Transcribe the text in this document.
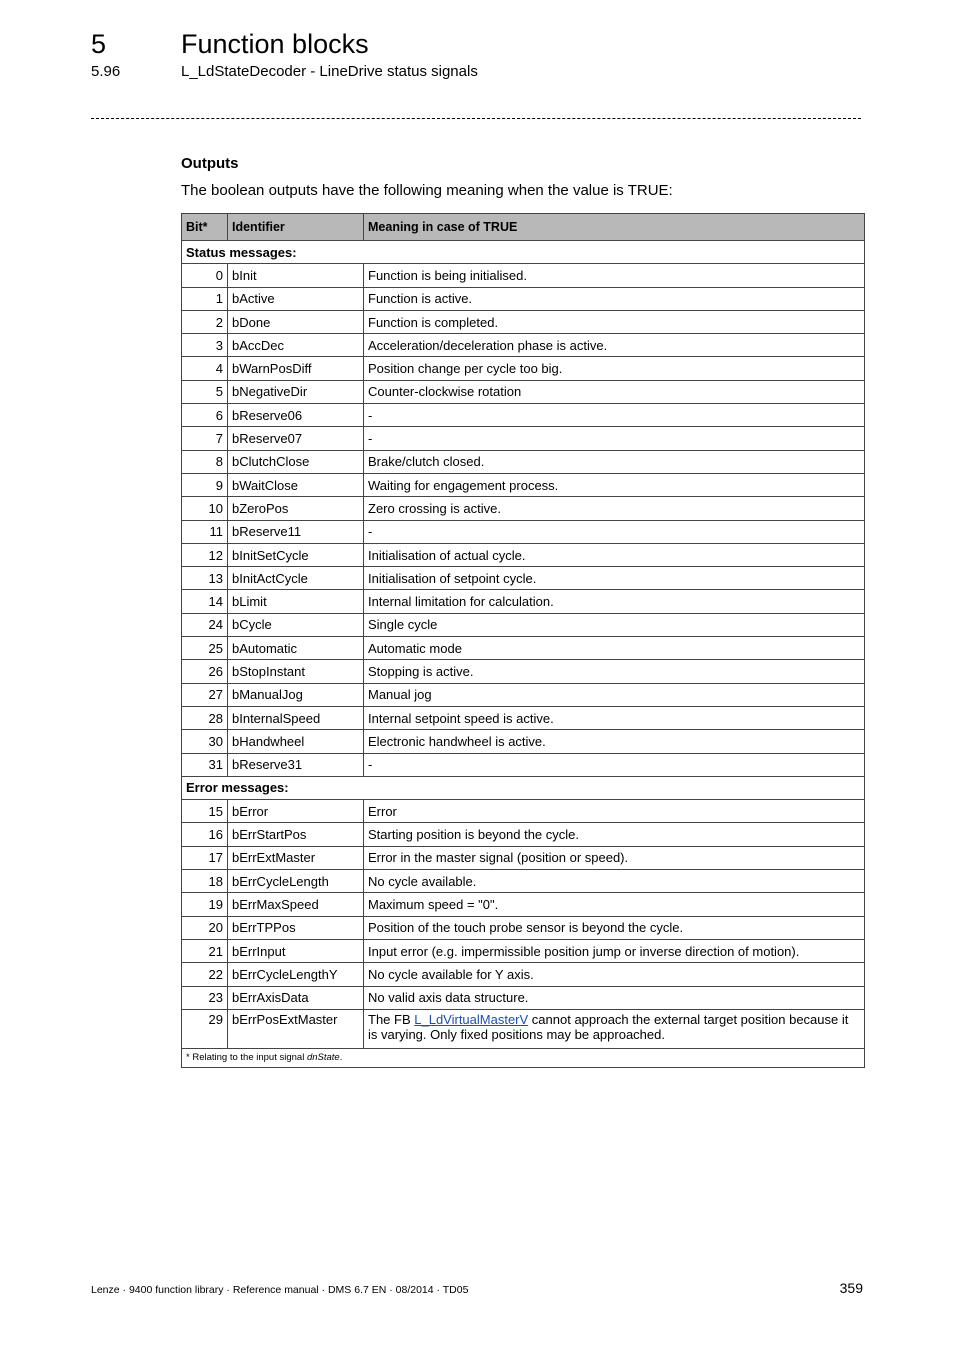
5	Function blocks
5.96	L_LdStateDecoder - LineDrive status signals
Outputs
The boolean outputs have the following meaning when the value is TRUE:
Bit*	Identifier	Meaning in case of TRUE
Status messages:		
0	bInit	Function is being initialised.
1	bActive	Function is active.
2	bDone	Function is completed.
3	bAccDec	Acceleration/deceleration phase is active.
4	bWarnPosDiff	Position change per cycle too big.
5	bNegativeDir	Counter-clockwise rotation
6	bReserve06	-
7	bReserve07	-
8	bClutchClose	Brake/clutch closed.
9	bWaitClose	Waiting for engagement process.
10	bZeroPos	Zero crossing is active.
11	bReserve11	-
12	bInitSetCycle	Initialisation of actual cycle.
13	bInitActCycle	Initialisation of setpoint cycle.
14	bLimit	Internal limitation for calculation.
24	bCycle	Single cycle
25	bAutomatic	Automatic mode
26	bStopInstant	Stopping is active.
27	bManualJog	Manual jog
28	bInternalSpeed	Internal setpoint speed is active.
30	bHandwheel	Electronic handwheel is active.
31	bReserve31	-
Error messages:		
15	bError	Error
16	bErrStartPos	Starting position is beyond the cycle.
17	bErrExtMaster	Error in the master signal (position or speed).
18	bErrCycleLength	No cycle available.
19	bErrMaxSpeed	Maximum speed = "0".
20	bErrTPPos	Position of the touch probe sensor is beyond the cycle.
21	bErrInput	Input error (e.g. impermissible position jump or inverse direction of motion).
22	bErrCycleLengthY	No cycle available for Y axis.
23	bErrAxisData	No valid axis data structure.
29	bErrPosExtMaster	The FB L_LdVirtualMasterV cannot approach the external target position because it is varying. Only fixed positions may be approached.
* Relating to the input signal dnState.		
Lenze · 9400 function library · Reference manual · DMS 6.7 EN · 08/2014 · TD05	359
